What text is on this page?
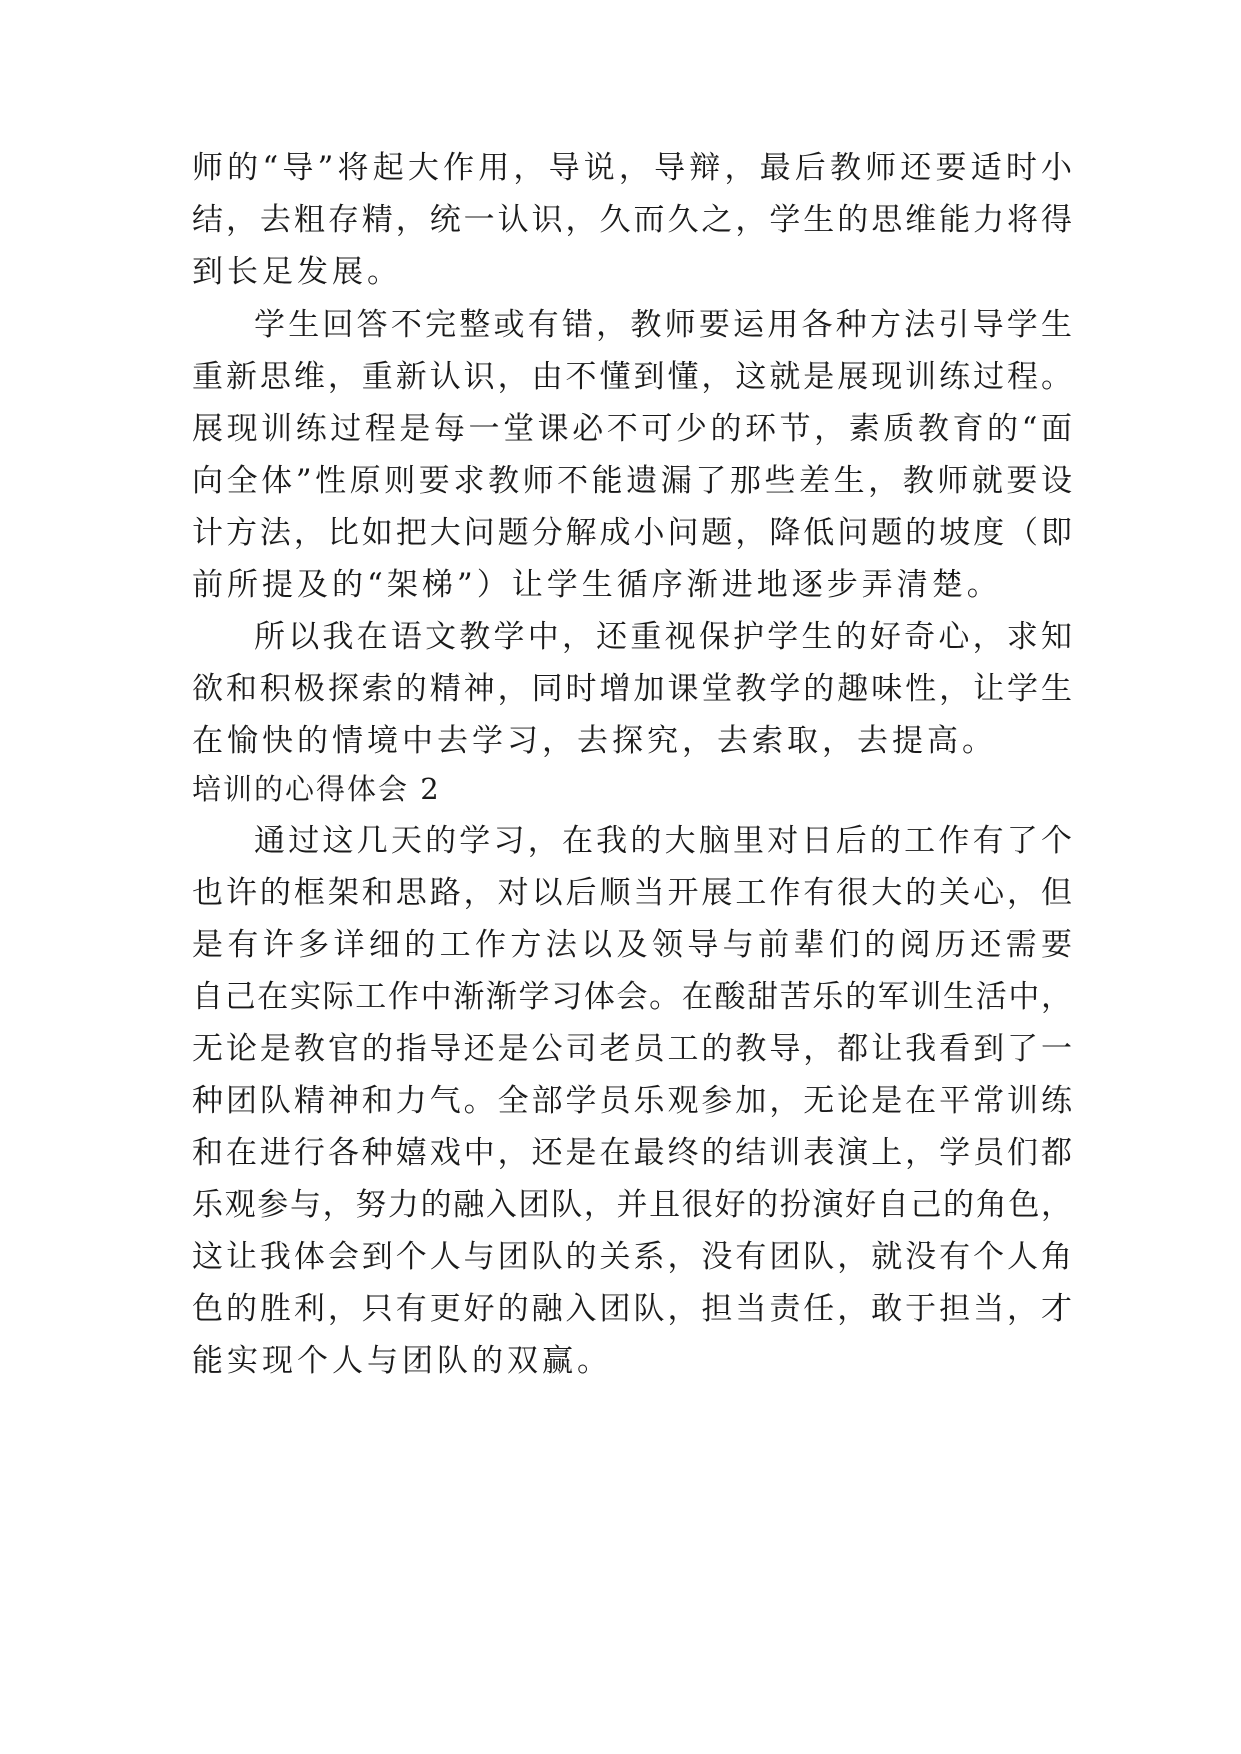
师的“导”将起大作用，导说，导辩，最后教师还要适时小
结，去粗存精，统一认识，久而久之，学生的思维能力将得
到长足发展。
学生回答不完整或有错，教师要运用各种方法引导学生
重新思维，重新认识，由不懂到懂，这就是展现训练过程。
展现训练过程是每一堂课必不可少的环节，素质教育的“面
向全体”性原则要求教师不能遗漏了那些差生，教师就要设
计方法，比如把大问题分解成小问题，降低问题的坡度（即
前所提及的“架梯”）让学生循序渐进地逐步弄清楚。
所以我在语文教学中，还重视保护学生的好奇心，求知
欲和积极探索的精神，同时增加课堂教学的趣味性，让学生
在愉快的情境中去学习，去探究，去索取，去提高。
培训的心得体会 2
通过这几天的学习，在我的大脑里对日后的工作有了个
也许的框架和思路，对以后顺当开展工作有很大的关心，但
是有许多详细的工作方法以及领导与前辈们的阅历还需要
自己在实际工作中渐渐学习体会。在酸甜苦乐的军训生活中，
无论是教官的指导还是公司老员工的教导，都让我看到了一
种团队精神和力气。全部学员乐观参加，无论是在平常训练
和在进行各种嬉戏中，还是在最终的结训表演上，学员们都
乐观参与，努力的融入团队，并且很好的扮演好自己的角色，
这让我体会到个人与团队的关系，没有团队，就没有个人角
色的胜利，只有更好的融入团队，担当责任，敢于担当，才
能实现个人与团队的双赢。
